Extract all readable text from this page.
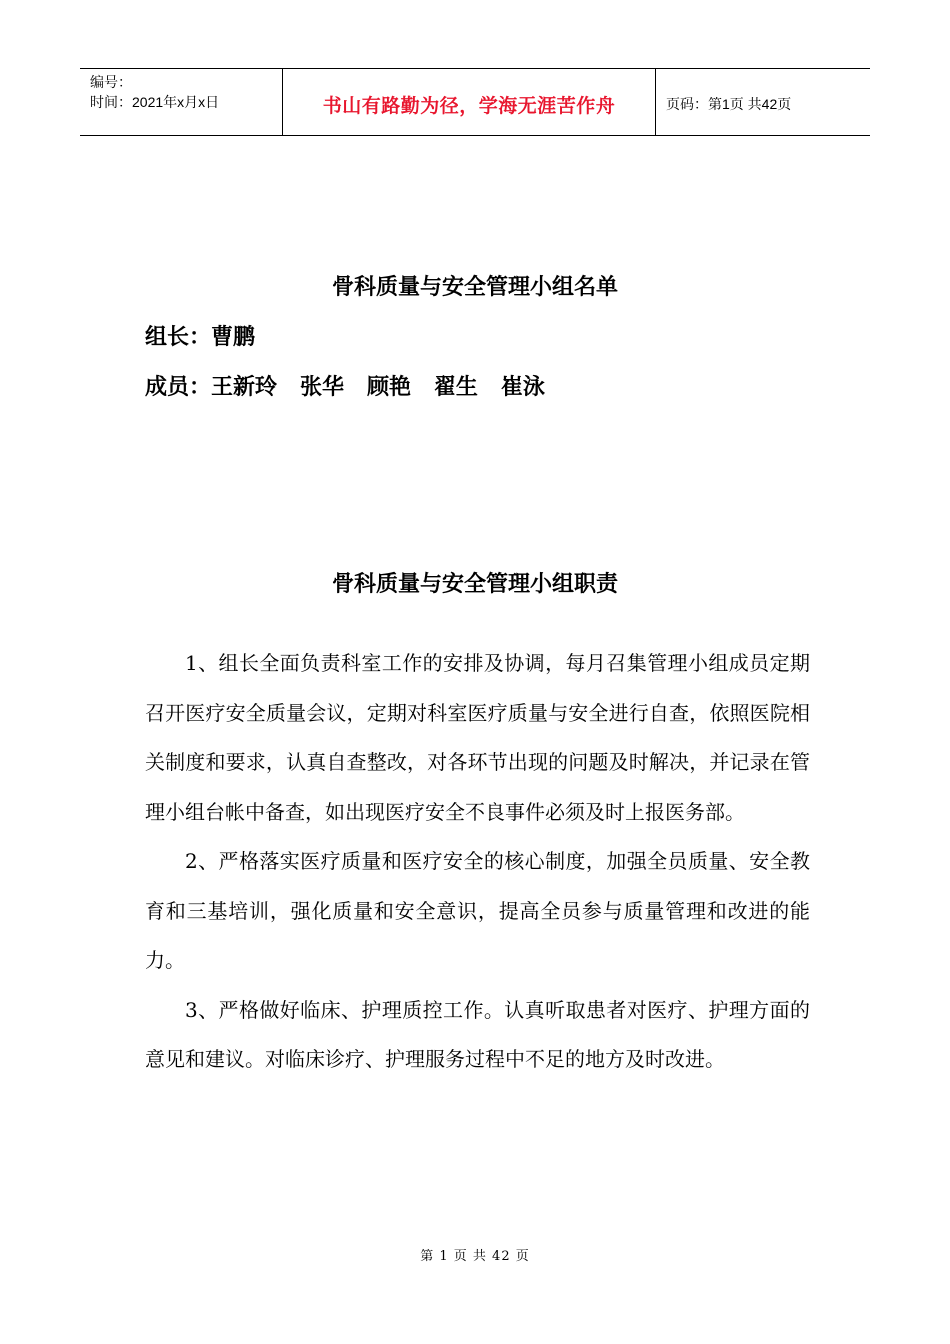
编号：
时间：2021年x月x日	书山有路勤为径，学海无涯苦作舟	页码：第1页 共42页
骨科质量与安全管理小组名单
组长：曹鹏
成员：王新玲   张华   顾艳   翟生   崔泳
骨科质量与安全管理小组职责

1、组长全面负责科室工作的安排及协调，每月召集管理小组成员定期召开医疗安全质量会议，定期对科室医疗质量与安全进行自查，依照医院相关制度和要求，认真自查整改，对各环节出现的问题及时解决，并记录在管理小组台帐中备查，如出现医疗安全不良事件必须及时上报医务部。

2、严格落实医疗质量和医疗安全的核心制度，加强全员质量、安全教育和三基培训，强化质量和安全意识，提高全员参与质量管理和改进的能力。

3、严格做好临床、护理质控工作。认真听取患者对医疗、护理方面的意见和建议。对临床诊疗、护理服务过程中不足的地方及时改进。

第 1 页 共 42 页
